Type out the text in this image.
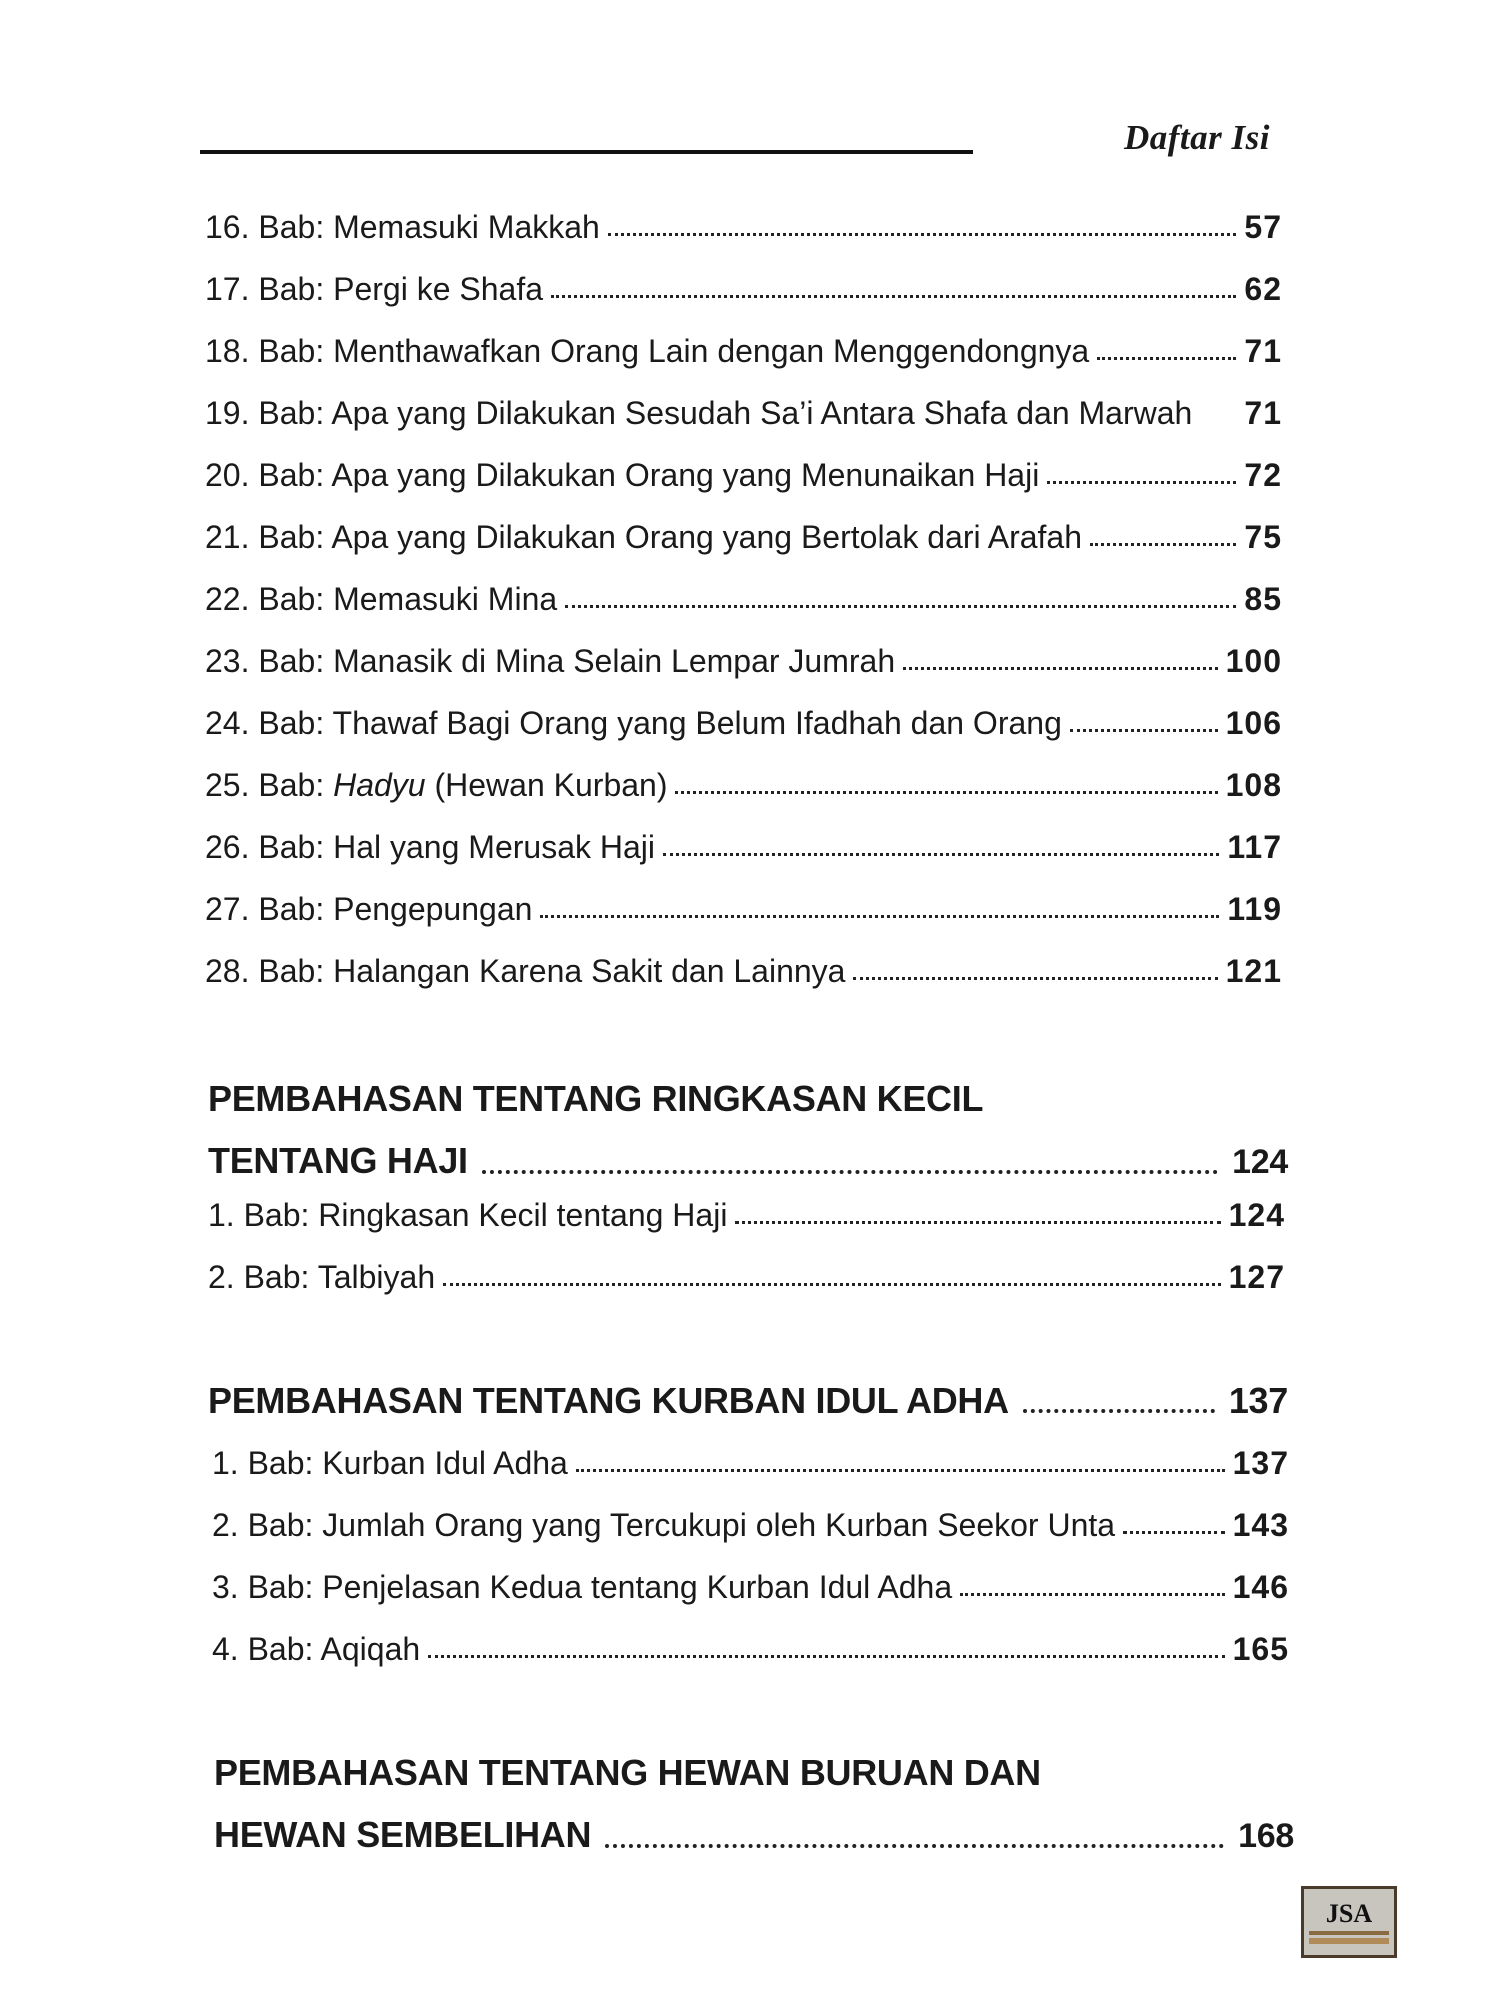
Daftar Isi
16. Bab: Memasuki Makkah	57
17. Bab: Pergi ke Shafa	62
18. Bab: Menthawafkan Orang Lain dengan Menggendongnya	71
19. Bab: Apa yang Dilakukan Sesudah Sa’i Antara Shafa dan Marwah 71
20. Bab: Apa yang Dilakukan Orang yang Menunaikan Haji	72
21. Bab: Apa yang Dilakukan Orang yang Bertolak dari Arafah	75
22. Bab: Memasuki Mina	85
23. Bab: Manasik di Mina Selain Lempar Jumrah	100
24. Bab: Thawaf Bagi Orang yang Belum Ifadhah dan Orang	106
25. Bab: Hadyu (Hewan Kurban)	108
26. Bab: Hal yang Merusak Haji	117
27. Bab: Pengepungan	119
28. Bab: Halangan Karena Sakit dan Lainnya	121
PEMBAHASAN TENTANG RINGKASAN KECIL
TENTANG HAJI	124
1. Bab: Ringkasan Kecil tentang Haji	124
2. Bab: Talbiyah	127
PEMBAHASAN TENTANG KURBAN IDUL ADHA	137
1. Bab: Kurban Idul Adha	137
2. Bab: Jumlah Orang yang Tercukupi oleh Kurban Seekor Unta	143
3. Bab: Penjelasan Kedua tentang Kurban Idul Adha	146
4. Bab: Aqiqah	165
PEMBAHASAN TENTANG HEWAN BURUAN DAN
HEWAN SEMBELIHAN	168
JSA
